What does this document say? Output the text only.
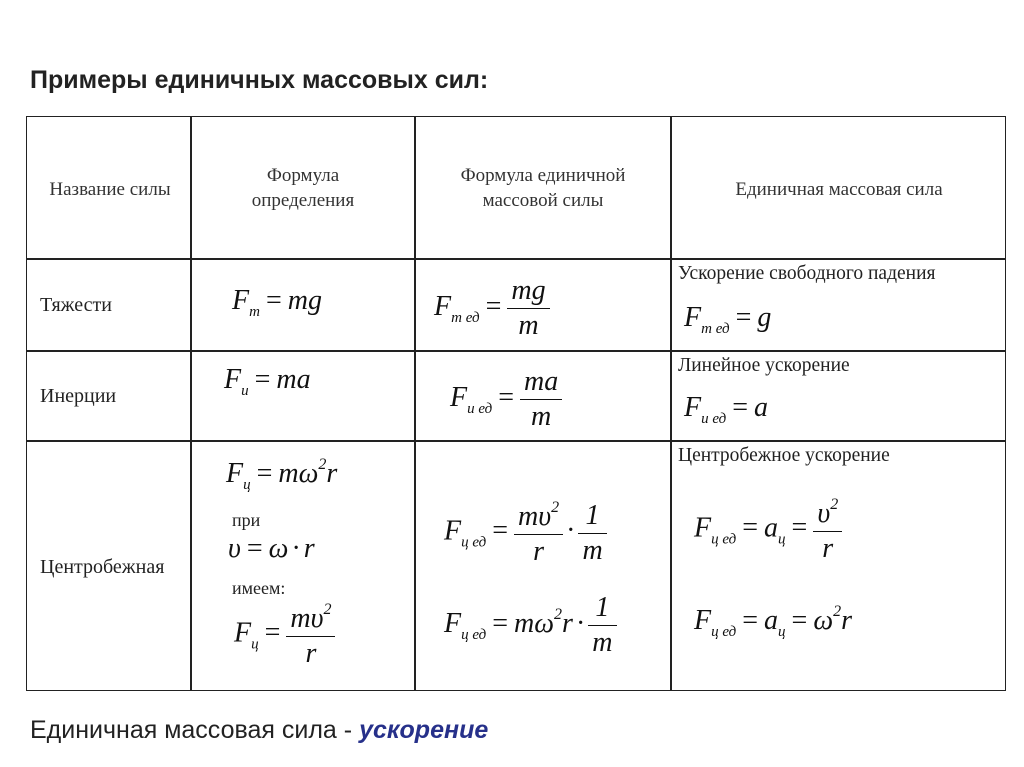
Примеры единичных массовых сил:
Название силы
Формула
определения
Формула единичной
массовой силы
Единичная массовая сила
Тяжести	$F_т$ = mg	$F_{т ед} = \frac{mg}{m}$
Ускорение свободного падения
$F_{т ед} = g$
Инерции
$F_и$ = ma
$F_{и ед} = \frac{ma}{m}$
Линейное ускорение
$F_{и ед} = a$
Центробежная
$F_ц = m\omega^2r$
при
υ = ω · r
имеем:
$F_ц = \frac{m\upsilon^2}{r}$
$F_{ц ед} = \frac{m\upsilon^2}{r} \cdot \frac{1}{m}$
$F_{ц ед} = m\omega^2r \cdot \frac{1}{m}$
Центробежное ускорение
$F_{ц ед} = a_ц = \frac{\upsilon^2}{r}$
$F_{ц ед} = a_ц = \omega^2r$
Единичная массовая сила - ускорение
